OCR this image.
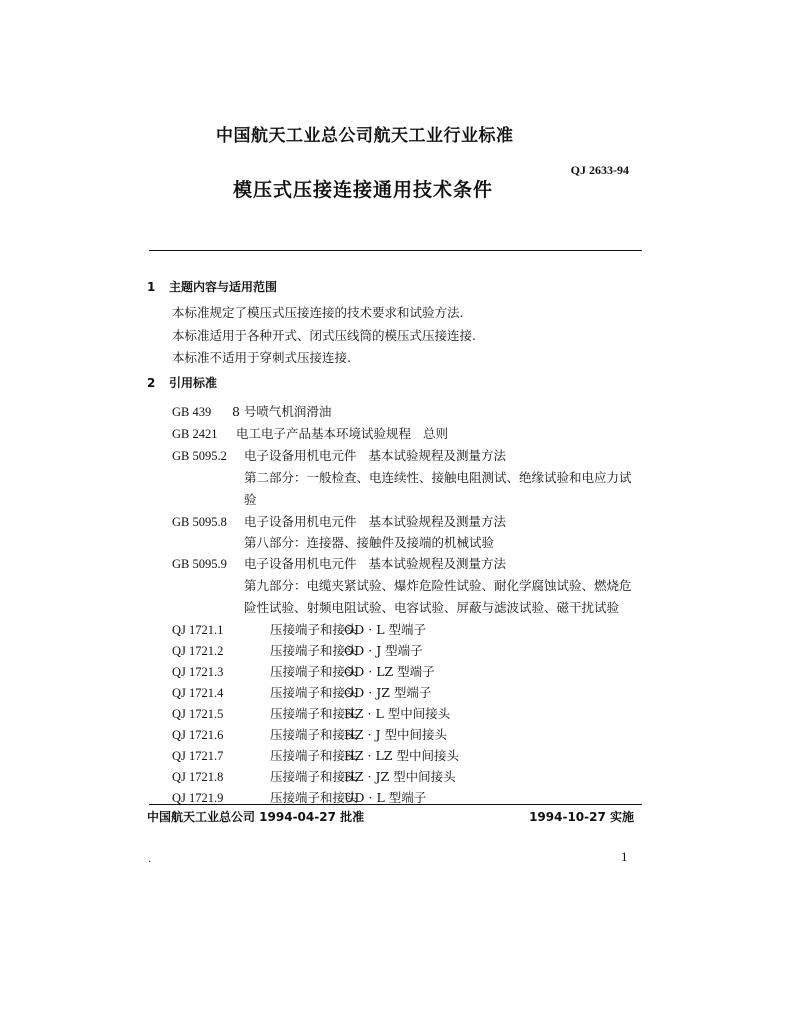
中国航天工业总公司航天工业行业标准
QJ 2633-94
模压式压接连接通用技术条件
1 主题内容与适用范围
本标准规定了模压式压接连接的技术要求和试验方法.
本标准适用于各种开式、闭式压线筒的模压式压接连接.
本标准不适用于穿刺式压接连接.
2 引用标准
GB 439 8 号喷气机润滑油
GB 2421 电工电子产品基本环境试验规程 总则
GB 5095.2 电子设备用机电元件 基本试验规程及测量方法
第二部分：一般检查、电连续性、接触电阻测试、绝缘试验和电应力试
验
GB 5095.8 电子设备用机电元件 基本试验规程及测量方法
第八部分：连接器、接触件及接端的机械试验
GB 5095.9 电子设备用机电元件 基本试验规程及测量方法
第九部分：电缆夹紧试验、爆炸危险性试验、耐化学腐蚀试验、燃烧危
险性试验、射频电阻试验、电容试验、屏蔽与滤波试验、磁干扰试验
QJ 1721.1	压接端子和接头OD · L 型端子
QJ 1721.2	压接端子和接头OD · J 型端子
QJ 1721.3	压接端子和接头OD · LZ 型端子
QJ 1721.4	压接端子和接头OD · JZ 型端子
QJ 1721.5	压接端子和接头HZ · L 型中间接头
QJ 1721.6	压接端子和接头HZ · J 型中间接头
QJ 1721.7	压接端子和接头HZ · LZ 型中间接头
QJ 1721.8	压接端子和接头HZ · JZ 型中间接头
QJ 1721.9	压接端子和接头UD · L 型端子
中国航天工业总公司 1994-04-27 批准	1994-10-27 实施
.	1
